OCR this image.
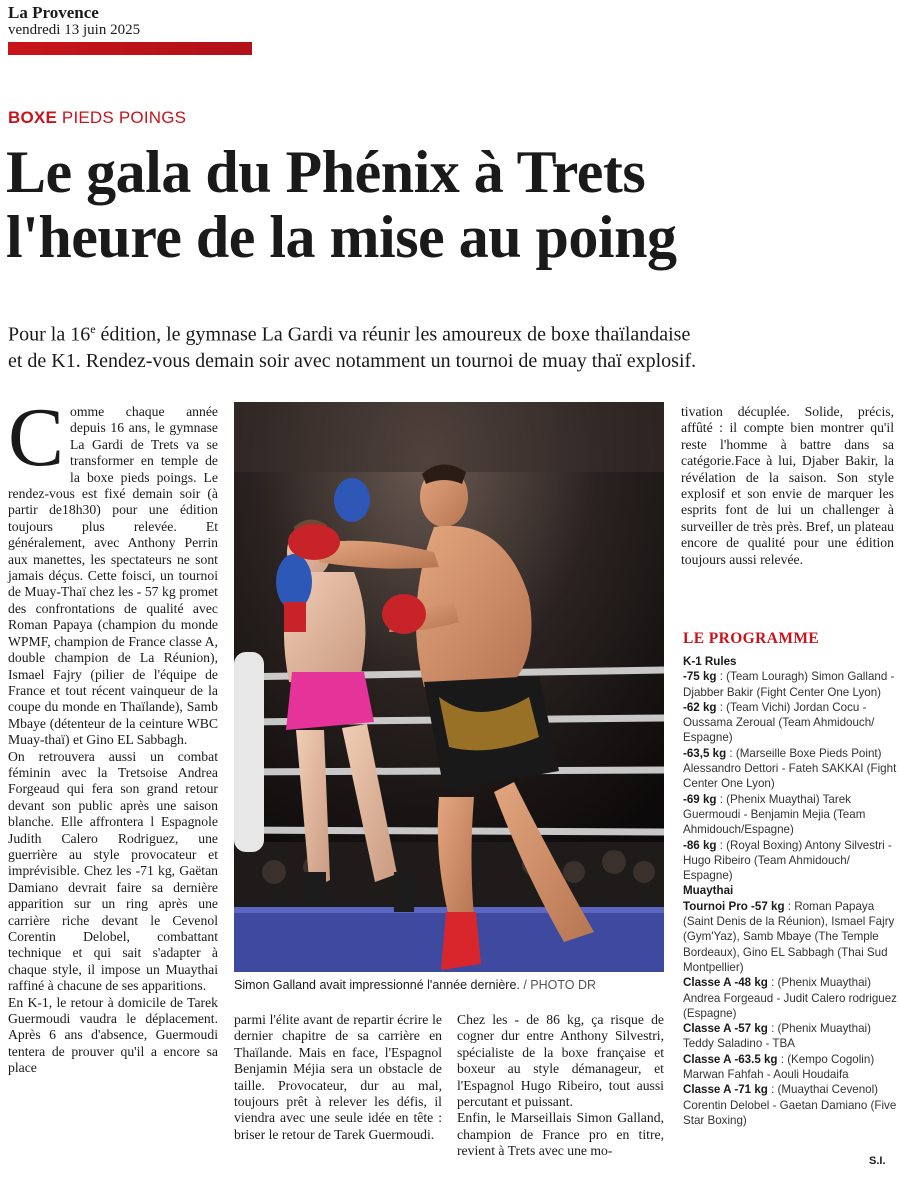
La Provence
vendredi 13 juin 2025
BOXE PIEDS POINGS
Le gala du Phénix à Trets
l'heure de la mise au poing
Pour la 16e édition, le gymnase La Gardi va réunir les amoureux de boxe thaïlandaise
et de K1. Rendez-vous demain soir avec notamment un tournoi de muay thaï explosif.

Comme chaque année depuis 16 ans, le gymnase La Gardi de Trets va se transformer en temple de la boxe pieds poings. Le rendez-vous est fixé demain soir (à partir de18h30) pour une édition toujours plus relevée. Et généralement, avec Anthony Perrin aux manettes, les spectateurs ne sont jamais déçus. Cette foisci, un tournoi de Muay-Thaï chez les - 57 kg promet des confrontations de qualité avec Roman Papaya (champion du monde WPMF, champion de France classe A, double champion de La Réunion), Ismael Fajry (pilier de l'équipe de France et tout récent vainqueur de la coupe du monde en Thaïlande), Samb Mbaye (détenteur de la ceinture WBC Muay-thaï) et Gino EL Sabbagh.

On retrouvera aussi un combat féminin avec la Tretsoise Andrea Forgeaud qui fera son grand retour devant son public après une saison blanche. Elle affrontera l Espagnole Judith Calero Rodriguez, une guerrière au style provocateur et imprévisible. Chez les -71 kg, Gaëtan Damiano devrait faire sa dernière apparition sur un ring après une carrière riche devant le Cevenol Corentin Delobel, combattant technique et qui sait s'adapter à chaque style, il impose un Muaythai raffiné à chacune de ses apparitions.

En K-1, le retour à domicile de Tarek Guermoudi vaudra le déplacement. Après 6 ans d'absence, Guermoudi tentera de prouver qu'il a encore sa place

Simon Galland avait impressionné l'année dernière. / PHOTO DR

parmi l'élite avant de repartir écrire le dernier chapitre de sa carrière en Thaïlande. Mais en face, l'Espagnol Benjamin Méjia sera un obstacle de taille. Provocateur, dur au mal, toujours prêt à relever les défis, il viendra avec une seule idée en tête : briser le retour de Tarek Guermoudi.

Chez les - de 86 kg, ça risque de cogner dur entre Anthony Silvestri, spécialiste de la boxe française et boxeur au style démanageur, et l'Espagnol Hugo Ribeiro, tout aussi percutant et puissant.

Enfin, le Marseillais Simon Galland, champion de France pro en titre, revient à Trets avec une mo-

tivation décuplée. Solide, précis, affûté : il compte bien montrer qu'il reste l'homme à battre dans sa catégorie.Face à lui, Djaber Bakir, la révélation de la saison. Son style explosif et son envie de marquer les esprits font de lui un challenger à surveiller de très près. Bref, un plateau encore de qualité pour une édition toujours aussi relevée.

LE PROGRAMME
K-1 Rules
-75 kg : (Team Louragh) Simon Galland - Djabber Bakir (Fight Center One Lyon)
-62 kg : (Team Vichi) Jordan Cocu - Oussama Zeroual (Team Ahmidouch/ Espagne)
-63,5 kg : (Marseille Boxe Pieds Point) Alessandro Dettori - Fateh SAKKAI (Fight Center One Lyon)
-69 kg : (Phenix Muaythai) Tarek Guermoudi - Benjamin Mejia (Team Ahmidouch/Espagne)
-86 kg : (Royal Boxing) Antony Silvestri - Hugo Ribeiro (Team Ahmidouch/ Espagne)
Muaythai
Tournoi Pro -57 kg : Roman Papaya (Saint Denis de la Réunion), Ismael Fajry (Gym'Yaz), Samb Mbaye (The Temple Bordeaux), Gino EL Sabbagh (Thai Sud Montpellier)
Classe A -48 kg : (Phenix Muaythai) Andrea Forgeaud - Judit Calero rodriguez (Espagne)
Classe A -57 kg : (Phenix Muaythai) Teddy Saladino - TBA
Classe A -63.5 kg : (Kempo Cogolin) Marwan Fahfah - Aouli Houdaifa
Classe A -71 kg : (Muaythai Cevenol) Corentin Delobel - Gaetan Damiano (Five Star Boxing)
S.I.
